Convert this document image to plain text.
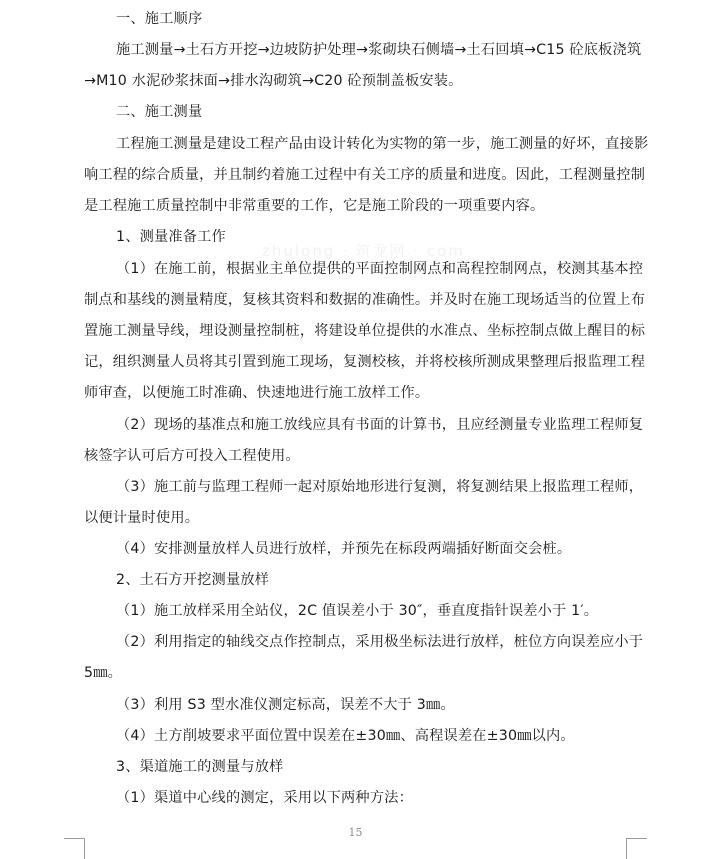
zhulong · 筑龙网 · com
一、施工顺序
施工测量→土石方开挖→边坡防护处理→浆砌块石侧墙→土石回填→C15 砼底板浇筑
→M10 水泥砂浆抹面→排水沟砌筑→C20 砼预制盖板安装。
二、施工测量
工程施工测量是建设工程产品由设计转化为实物的第一步，施工测量的好坏，直接影
响工程的综合质量，并且制约着施工过程中有关工序的质量和进度。因此，工程测量控制
是工程施工质量控制中非常重要的工作，它是施工阶段的一项重要内容。
1、测量准备工作
（1）在施工前，根据业主单位提供的平面控制网点和高程控制网点，校测其基本控
制点和基线的测量精度，复核其资料和数据的准确性。并及时在施工现场适当的位置上布
置施工测量导线，埋设测量控制桩，将建设单位提供的水准点、坐标控制点做上醒目的标
记，组织测量人员将其引置到施工现场，复测校核，并将校核所测成果整理后报监理工程
师审查，以便施工时准确、快速地进行施工放样工作。
（2）现场的基准点和施工放线应具有书面的计算书，且应经测量专业监理工程师复
核签字认可后方可投入工程使用。
（3）施工前与监理工程师一起对原始地形进行复测，将复测结果上报监理工程师，
以便计量时使用。
（4）安排测量放样人员进行放样，并预先在标段两端插好断面交会桩。
2、土石方开挖测量放样
（1）施工放样采用全站仪，2C 值误差小于 30″，垂直度指针误差小于 1′。
（2）利用指定的轴线交点作控制点，采用极坐标法进行放样，桩位方向误差应小于
5㎜。
（3）利用 S3 型水准仪测定标高，误差不大于 3㎜。
（4）土方削坡要求平面位置中误差在±30㎜、高程误差在±30㎜以内。
3、渠道施工的测量与放样
（1）渠道中心线的测定，采用以下两种方法：
15
